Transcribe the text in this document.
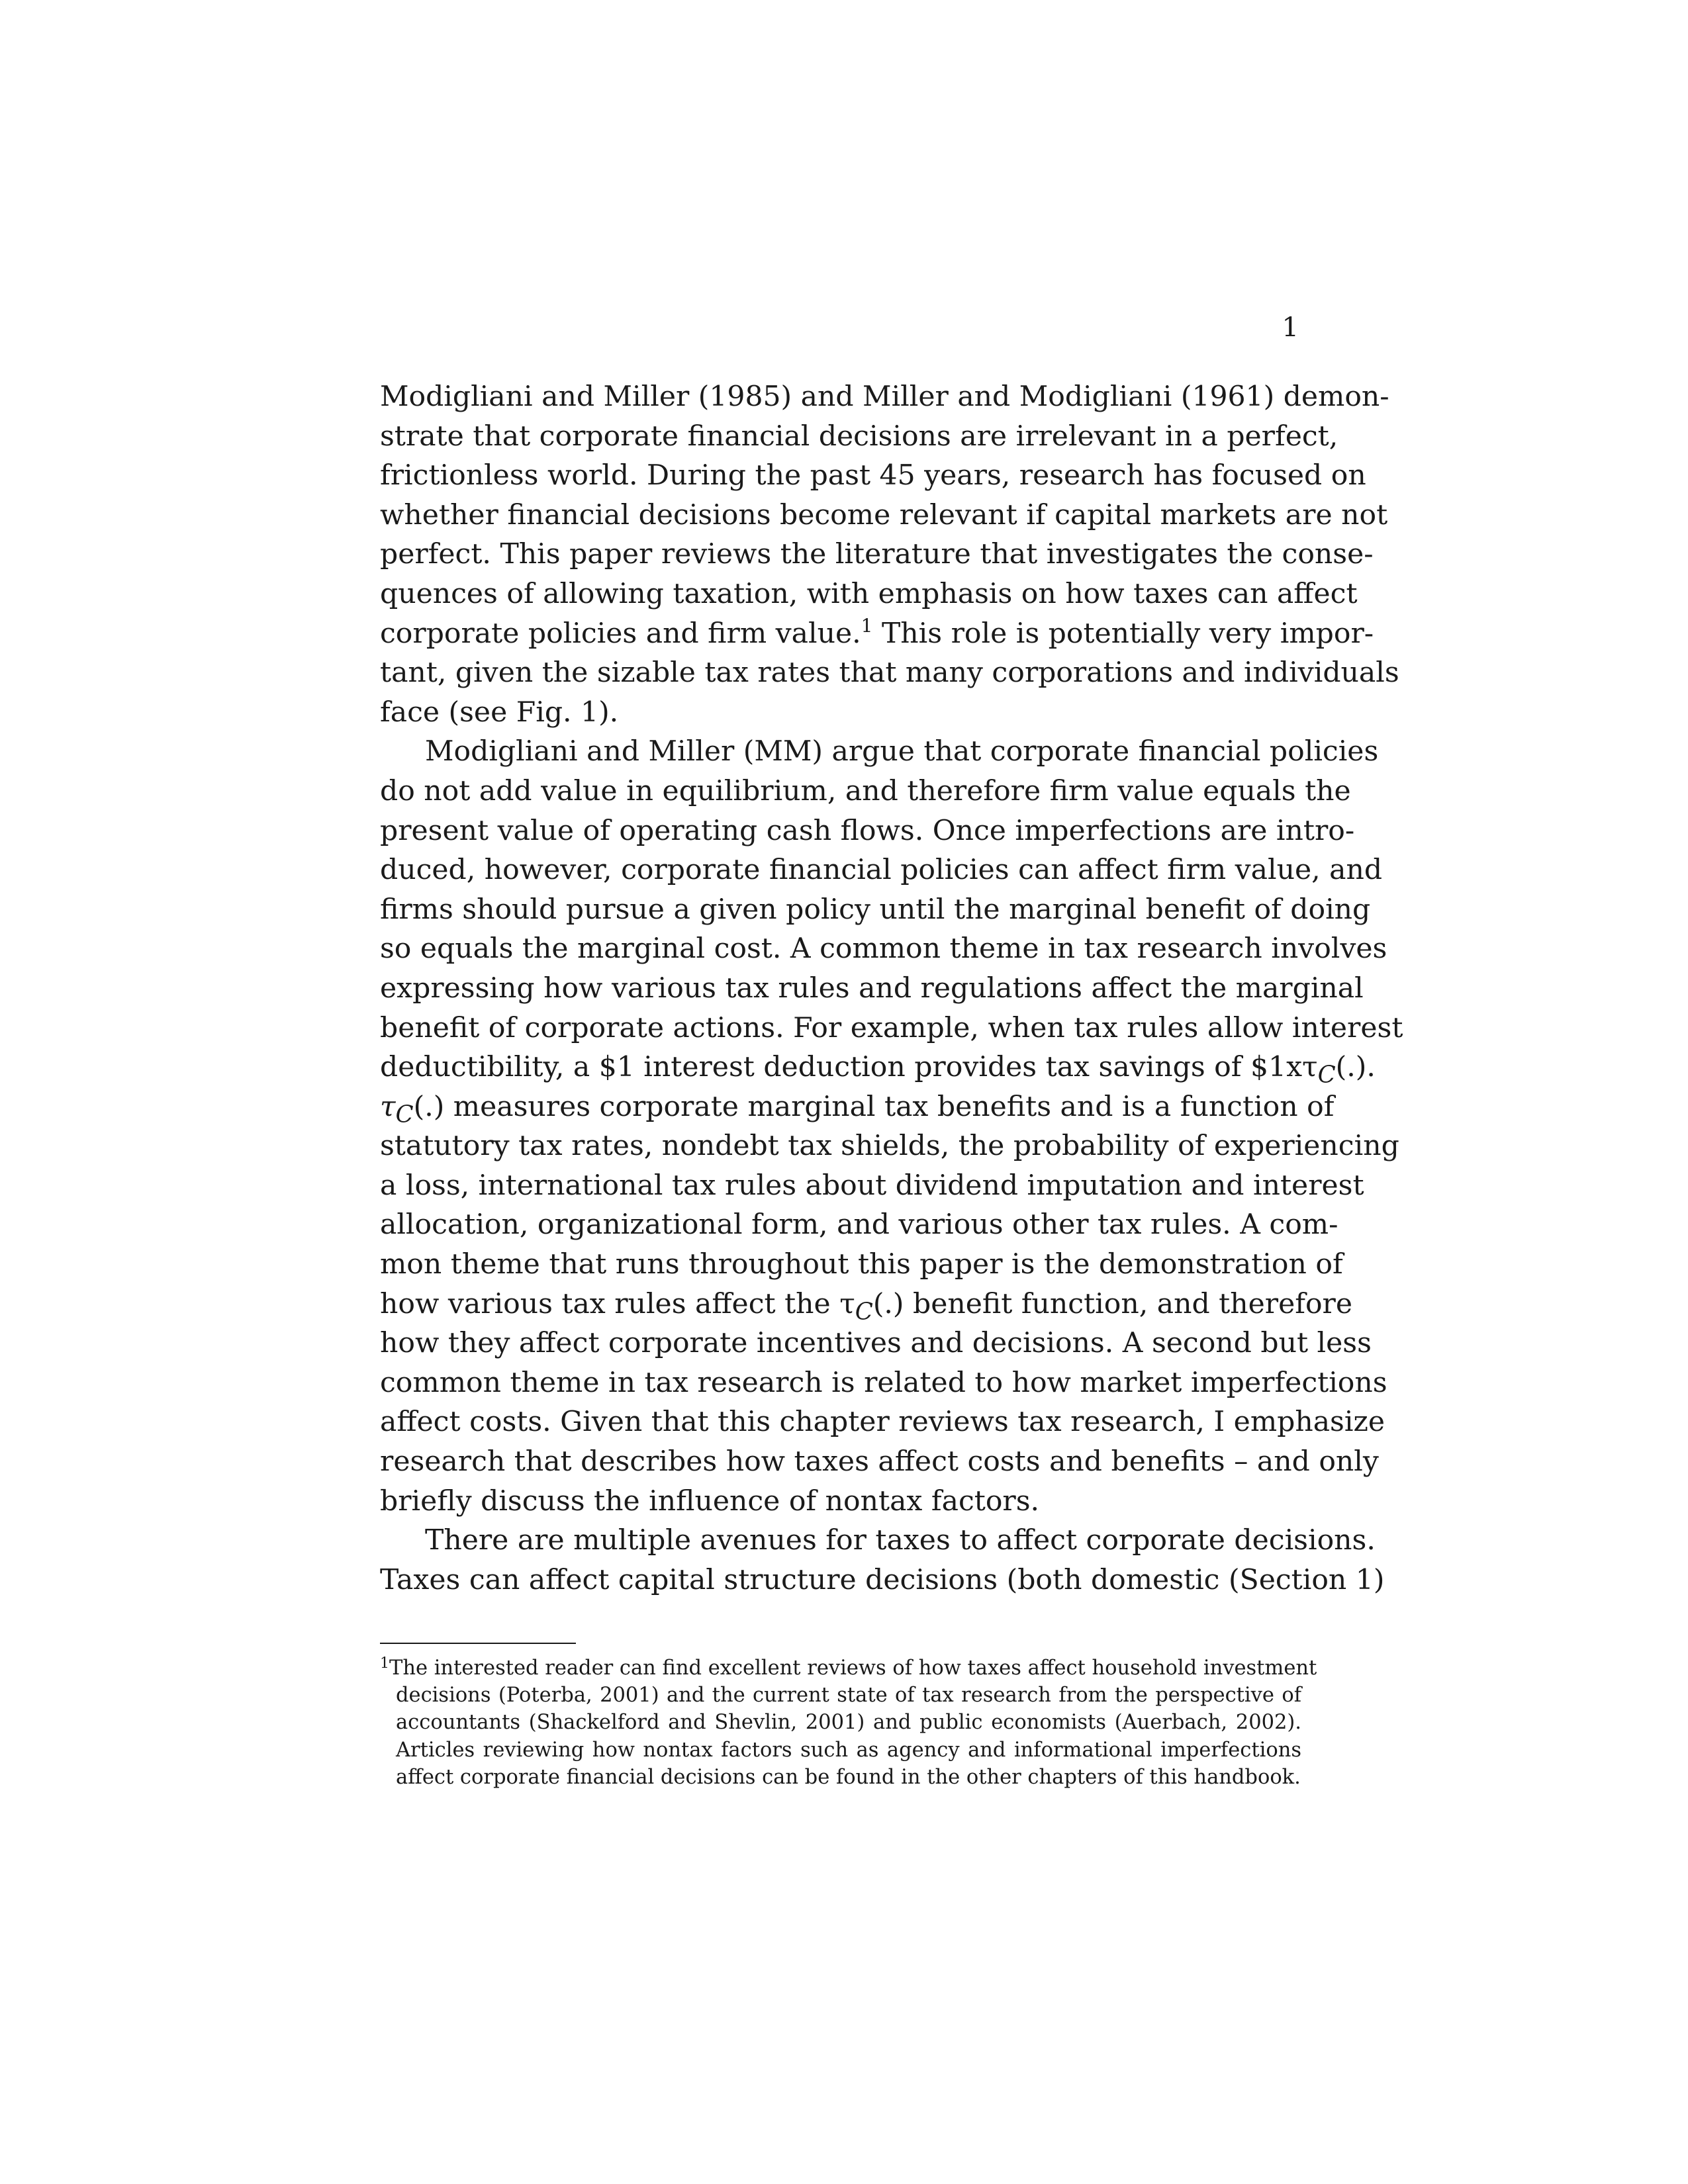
1
Modigliani and Miller (1985) and Miller and Modigliani (1961) demon-
strate that corporate financial decisions are irrelevant in a perfect,
frictionless world. During the past 45 years, research has focused on
whether financial decisions become relevant if capital markets are not
perfect. This paper reviews the literature that investigates the conse-
quences of allowing taxation, with emphasis on how taxes can affect
corporate policies and firm value.$^1$ This role is potentially very impor-
tant, given the sizable tax rates that many corporations and individuals
face (see Fig. 1).
Modigliani and Miller (MM) argue that corporate financial policies
do not add value in equilibrium, and therefore firm value equals the
present value of operating cash flows. Once imperfections are intro-
duced, however, corporate financial policies can affect firm value, and
firms should pursue a given policy until the marginal benefit of doing
so equals the marginal cost. A common theme in tax research involves
expressing how various tax rules and regulations affect the marginal
benefit of corporate actions. For example, when tax rules allow interest
deductibility, a $1 interest deduction provides tax savings of $\$1x\tau_C(.)$.
$\tau_C(.)$ measures corporate marginal tax benefits and is a function of
statutory tax rates, nondebt tax shields, the probability of experiencing
a loss, international tax rules about dividend imputation and interest
allocation, organizational form, and various other tax rules. A com-
mon theme that runs throughout this paper is the demonstration of
how various tax rules affect the $\tau_C(.)$ benefit function, and therefore
how they affect corporate incentives and decisions. A second but less
common theme in tax research is related to how market imperfections
affect costs. Given that this chapter reviews tax research, I emphasize
research that describes how taxes affect costs and benefits – and only
briefly discuss the influence of nontax factors.
There are multiple avenues for taxes to affect corporate decisions.
Taxes can affect capital structure decisions (both domestic (Section 1)
$^1$The interested reader can find excellent reviews of how taxes affect household investment
decisions (Poterba, 2001) and the current state of tax research from the perspective of
accountants (Shackelford and Shevlin, 2001) and public economists (Auerbach, 2002).
Articles reviewing how nontax factors such as agency and informational imperfections
affect corporate financial decisions can be found in the other chapters of this handbook.
